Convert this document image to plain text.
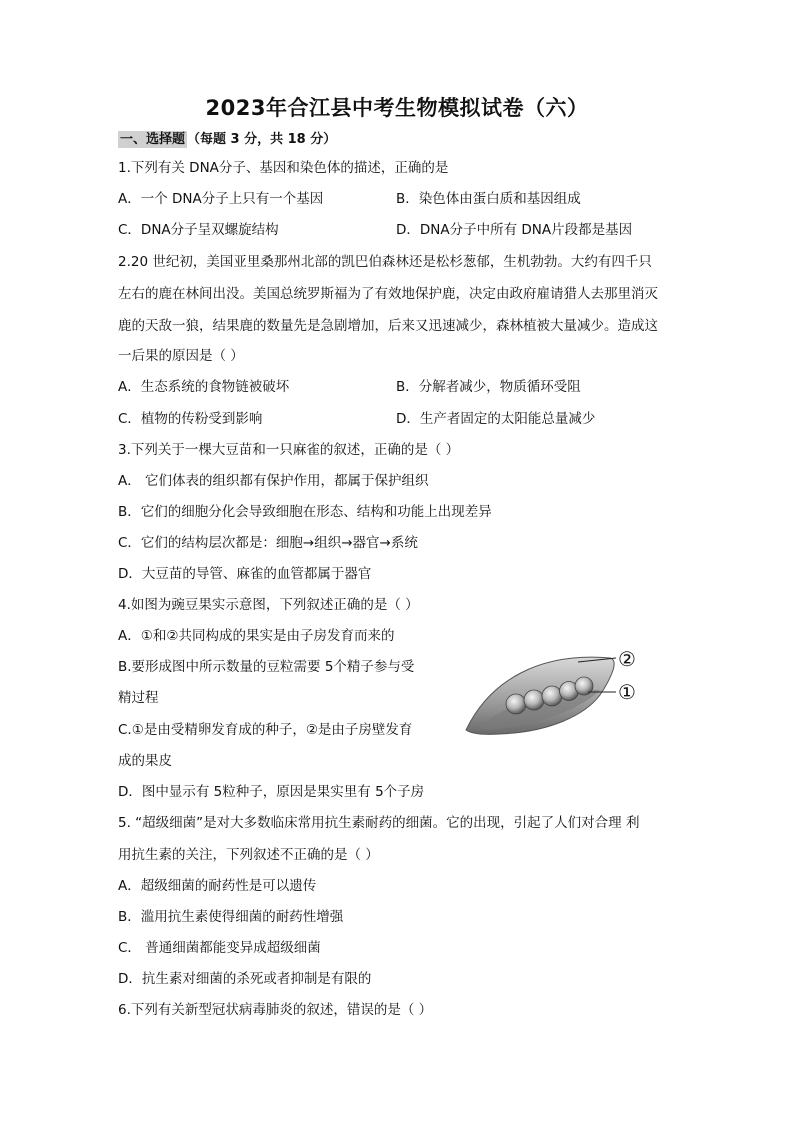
2023年合江县中考生物模拟试卷（六）
一、选择题 （每题 3 分，共 18 分）
1.下列有关 DNA分子、基因和染色体的描述，正确的是
A．一个 DNA分子上只有一个基因	B．染色体由蛋白质和基因组成
C．DNA分子呈双螺旋结构	D．DNA分子中所有 DNA片段都是基因
2.20 世纪初，美国亚里桑那州北部的凯巴伯森林还是松杉葱郁，生机勃勃。大约有四千只
左右的鹿在林间出没。美国总统罗斯福为了有效地保护鹿，决定由政府雇请猎人去那里消灭
鹿的天敌一狼，结果鹿的数量先是急剧增加，后来又迅速减少，森林植被大量减少。造成这
一后果的原因是（ ）
A．生态系统的食物链被破坏	B．分解者减少，物质循环受阻
C．植物的传粉受到影响	D．生产者固定的太阳能总量减少
3.下列关于一棵大豆苗和一只麻雀的叙述，正确的是（ ）
A． 它们体表的组织都有保护作用，都属于保护组织
B．它们的细胞分化会导致细胞在形态、结构和功能上出现差异
C．它们的结构层次都是：细胞→组织→器官→系统
D．大豆苗的导管、麻雀的血管都属于器官
4.如图为豌豆果实示意图，下列叙述正确的是（ ）
A．①和②共同构成的果实是由子房发育而来的
B.要形成图中所示数量的豆粒需要 5个精子参与受
精过程
C.①是由受精卵发育成的种子，②是由子房壁发育
成的果皮
D．图中显示有 5粒种子，原因是果实里有 5个子房
②
①
5. “超级细菌”是对大多数临床常用抗生素耐药的细菌。它的出现，引起了人们对合理 利
用抗生素的关注，下列叙述不正确的是（ ）
A．超级细菌的耐药性是可以遗传
B．滥用抗生素使得细菌的耐药性增强
C． 普通细菌都能变异成超级细菌
D．抗生素对细菌的杀死或者抑制是有限的
6.下列有关新型冠状病毒肺炎的叙述，错误的是（ ）
